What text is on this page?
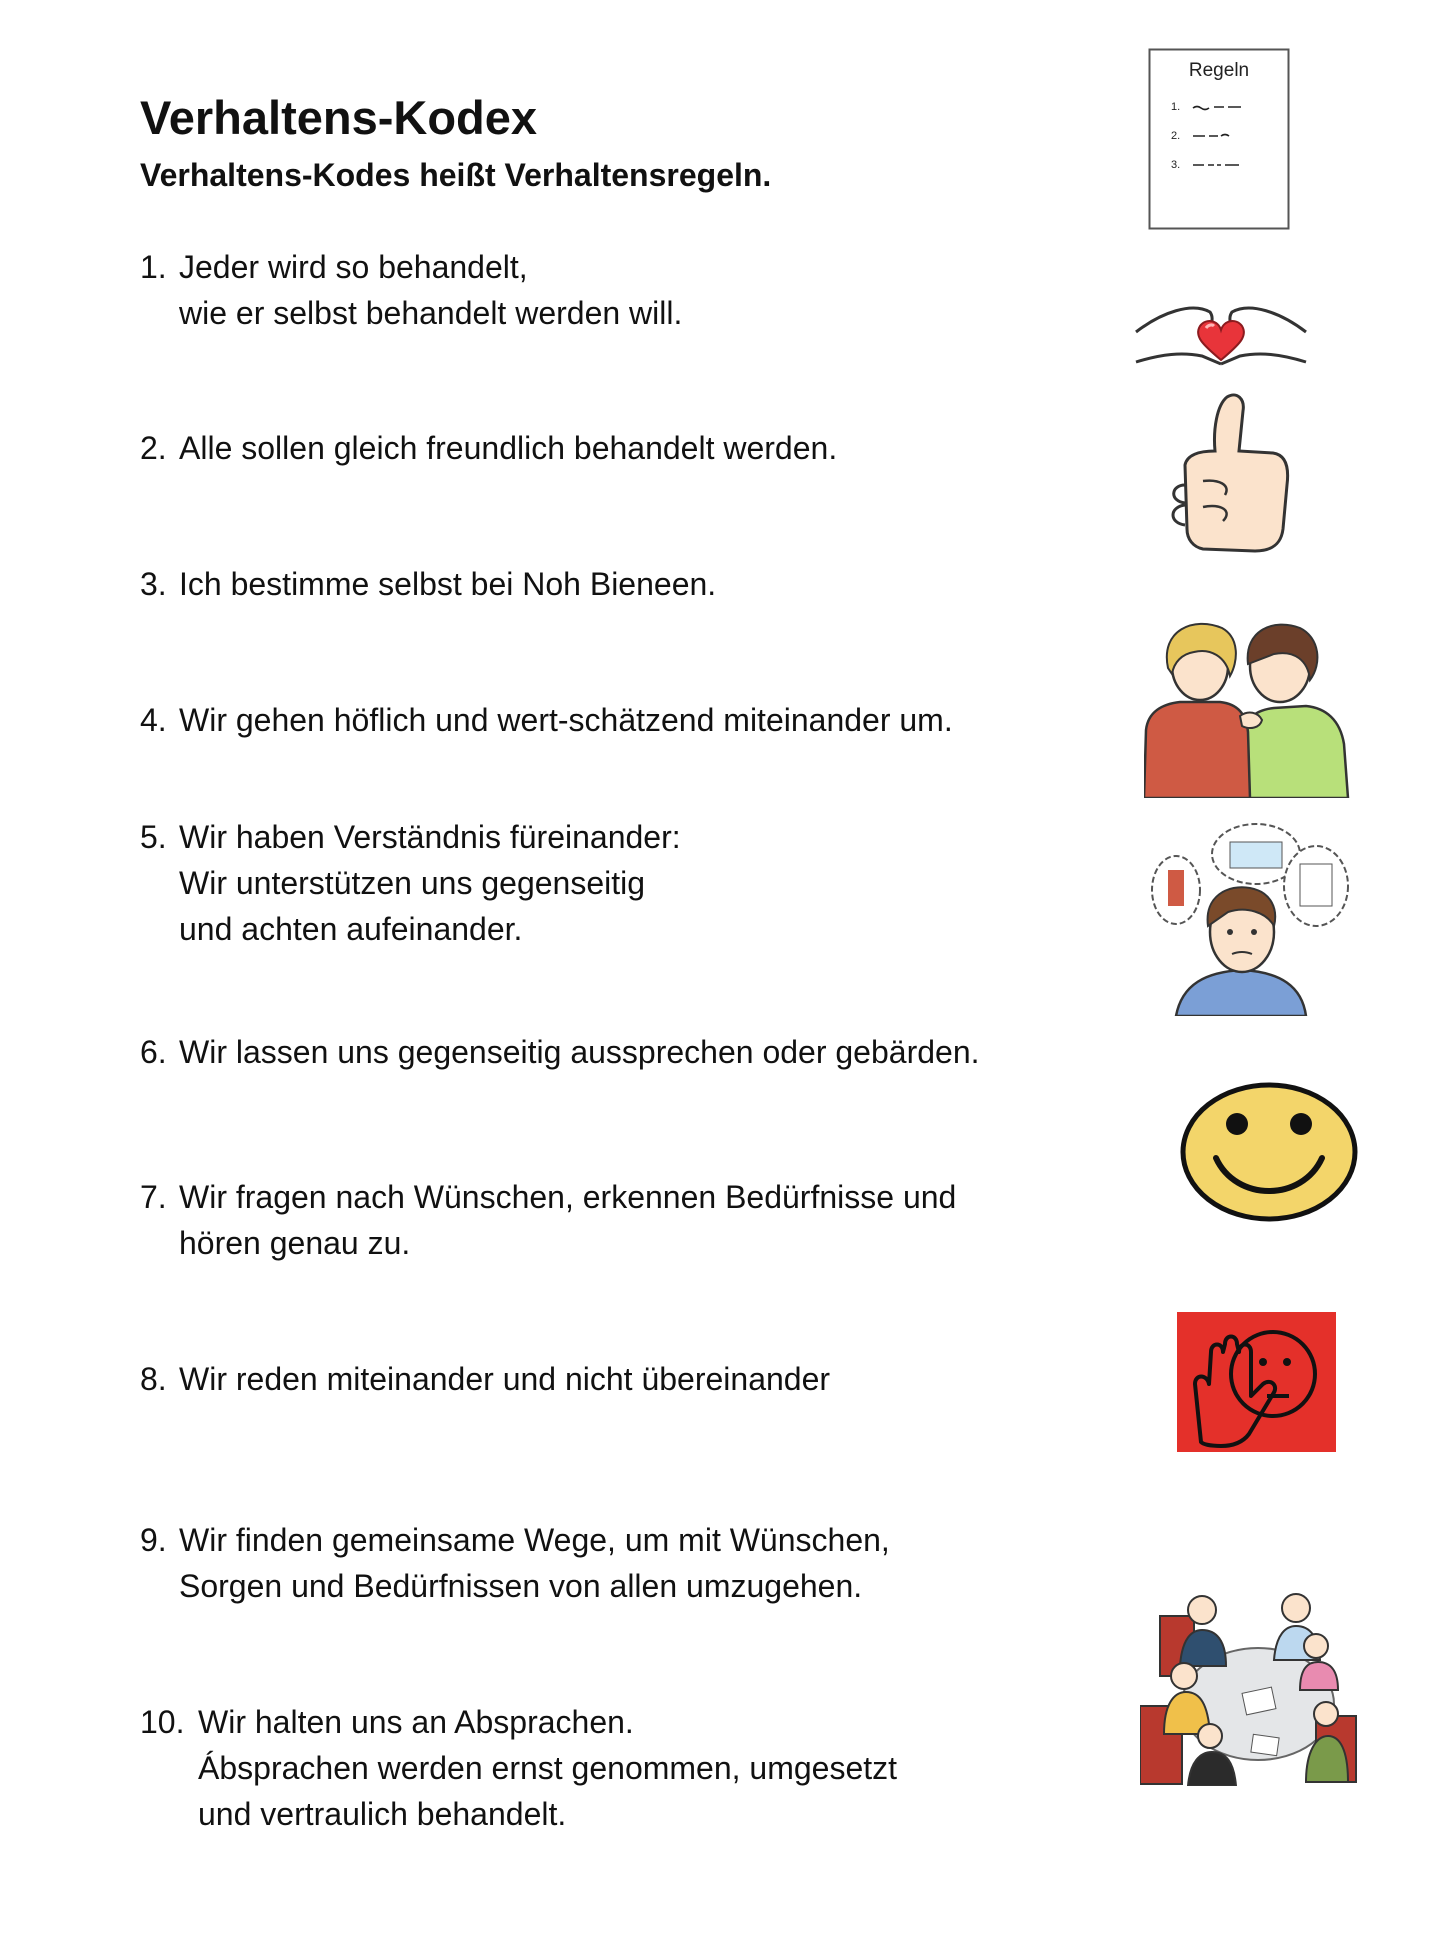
Verhaltens-Kodex

Verhaltens-Kodes heißt Verhaltensregeln.

Regeln
1.
2.
3.
1. Jeder wird so behandelt,
wie er selbst behandelt werden will.
2. Alle sollen gleich freundlich behandelt werden.
3. Ich bestimme selbst bei Noh Bieneen.
4. Wir gehen höflich und wert-schätzend miteinander um.
5. Wir haben Verständnis füreinander:
Wir unterstützen uns gegenseitig
und achten aufeinander.
6. Wir lassen uns gegenseitig aussprechen oder gebärden.
7. Wir fragen nach Wünschen, erkennen Bedürfnisse und
hören genau zu.
8. Wir reden miteinander und nicht übereinander
9. Wir finden gemeinsame Wege, um mit Wünschen,
Sorgen und Bedürfnissen von allen umzugehen.
10. Wir halten uns an Absprachen.
Ábsprachen werden ernst genommen, umgesetzt
und vertraulich behandelt.
